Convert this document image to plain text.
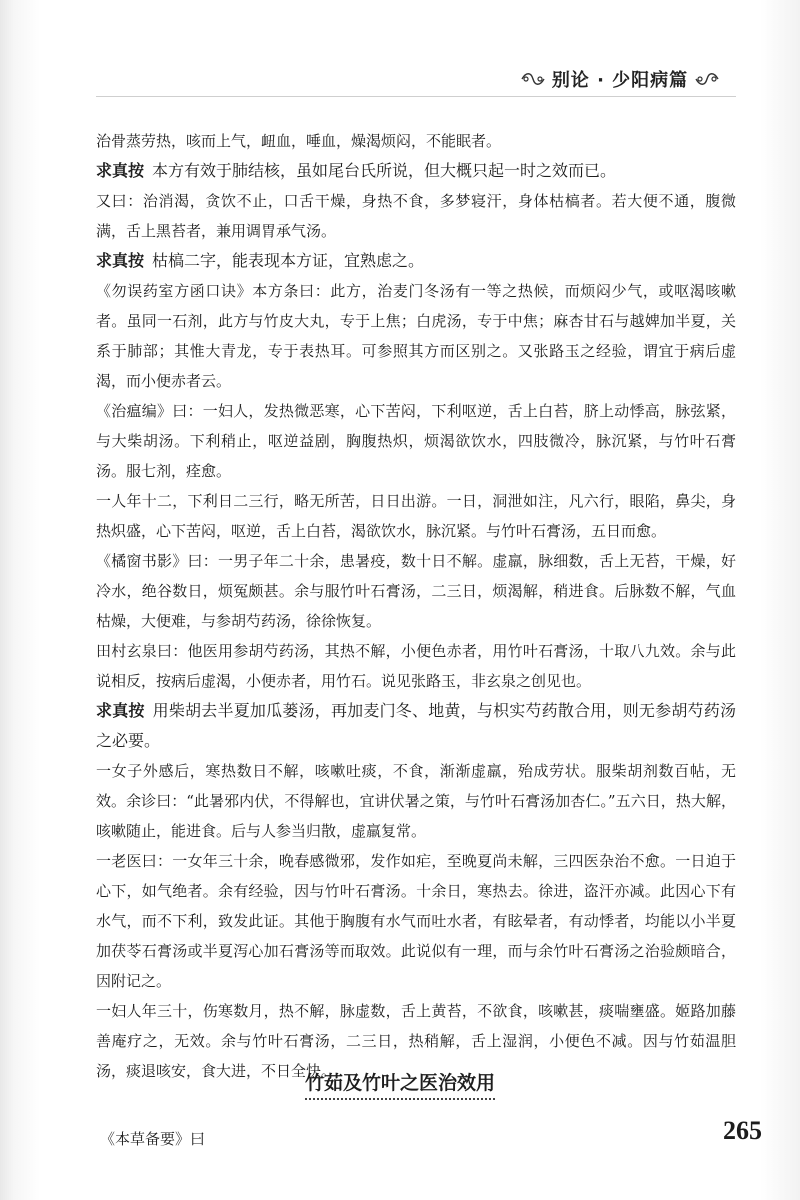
别论 · 少阳病篇

治骨蒸劳热，咳而上气，衄血，唾血，燥渴烦闷，不能眠者。

求真按 本方有效于肺结核，虽如尾台氏所说，但大概只起一时之效而已。

又曰：治消渴，贪饮不止，口舌干燥，身热不食，多梦寝汗，身体枯槁者。若大便不通，腹微满，舌上黑苔者，兼用调胃承气汤。

求真按 枯槁二字，能表现本方证，宜熟虑之。

《勿误药室方函口诀》本方条曰：此方，治麦门冬汤有一等之热候，而烦闷少气，或呕渴咳嗽者。虽同一石剂，此方与竹皮大丸，专于上焦；白虎汤，专于中焦；麻杏甘石与越婢加半夏，关系于肺部；其惟大青龙，专于表热耳。可参照其方而区别之。又张路玉之经验，谓宜于病后虚渴，而小便赤者云。

《治瘟编》曰：一妇人，发热微恶寒，心下苦闷，下利呕逆，舌上白苔，脐上动悸高，脉弦紧，与大柴胡汤。下利稍止，呕逆益剧，胸腹热炽，烦渴欲饮水，四肢微冷，脉沉紧，与竹叶石膏汤。服七剂，痊愈。

一人年十二，下利日二三行，略无所苦，日日出游。一日，洞泄如注，凡六行，眼陷，鼻尖，身热炽盛，心下苦闷，呕逆，舌上白苔，渴欲饮水，脉沉紧。与竹叶石膏汤，五日而愈。

《橘窗书影》曰：一男子年二十余，患暑疫，数十日不解。虚羸，脉细数，舌上无苔，干燥，好冷水，绝谷数日，烦冤颇甚。余与服竹叶石膏汤，二三日，烦渴解，稍进食。后脉数不解，气血枯燥，大便难，与参胡芍药汤，徐徐恢复。

田村玄泉曰：他医用参胡芍药汤，其热不解，小便色赤者，用竹叶石膏汤，十取八九效。余与此说相反，按病后虚渴，小便赤者，用竹石。说见张路玉，非玄泉之创见也。

求真按 用柴胡去半夏加瓜蒌汤，再加麦门冬、地黄，与枳实芍药散合用，则无参胡芍药汤之必要。

一女子外感后，寒热数日不解，咳嗽吐痰，不食，渐渐虚羸，殆成劳状。服柴胡剂数百帖，无效。余诊曰：“此暑邪内伏，不得解也，宜讲伏暑之策，与竹叶石膏汤加杏仁。”五六日，热大解，咳嗽随止，能进食。后与人参当归散，虚羸复常。

一老医曰：一女年三十余，晚春感微邪，发作如疟，至晚夏尚未解，三四医杂治不愈。一日迫于心下，如气绝者。余有经验，因与竹叶石膏汤。十余日，寒热去。徐进，盗汗亦减。此因心下有水气，而不下利，致发此证。其他于胸腹有水气而吐水者，有眩晕者，有动悸者，均能以小半夏加茯苓石膏汤或半夏泻心加石膏汤等而取效。此说似有一理，而与余竹叶石膏汤之治验颇暗合，因附记之。

一妇人年三十，伤寒数月，热不解，脉虚数，舌上黄苔，不欲食，咳嗽甚，痰喘壅盛。姬路加藤善庵疗之，无效。余与竹叶石膏汤，二三日，热稍解，舌上湿润，小便色不减。因与竹茹温胆汤，痰退咳安，食大进，不日全快。

竹茹及竹叶之医治效用
《本草备要》曰	265
